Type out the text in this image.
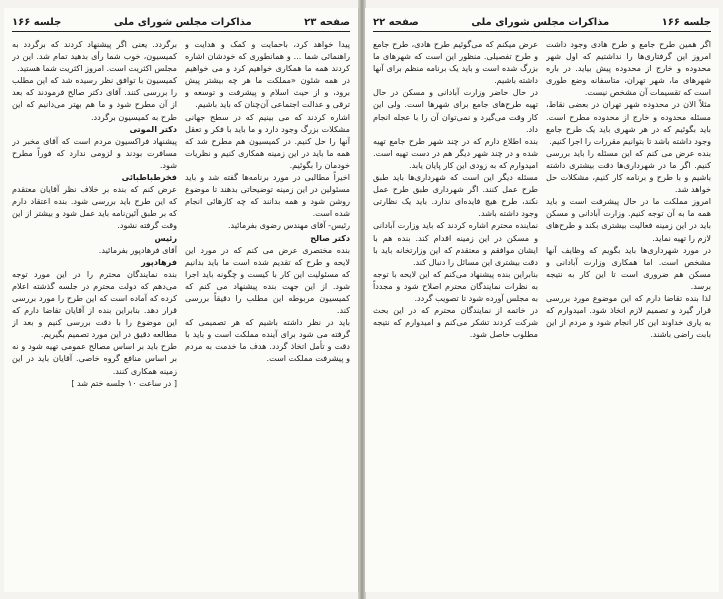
صفحه ۲۳
مذاکرات مجلس شورای ملی
جلسه ۱۶۶

پیدا خواهد کرد، باحمایت و کمک و هدایت و راهنمائی شما ... و همانطوری که خودشان اشاره کردند همه ما همکاری خواهیم کرد و می خواهیم در همه شئون «مملکت ما هر چه بیشتر پیش برود، و از حیث اسلام و پیشرفت و توسعه و ترقی و عدالت اجتماعی آن‌چنان که باید باشیم.

اشاره کردند که می بینیم که در سطح جهانی مشکلات بزرگ وجود دارد و ما باید با فکر و تعقل آنها را حل کنیم. در کمیسیون هم مطرح شد که همه ما باید در این زمینه همکاری کنیم و نظریات خودمان را بگوئیم.

اخیراً مطالبی در مورد برنامه‌ها گفته شد و باید مسئولین در این زمینه توضیحاتی بدهند تا موضوع روشن شود و همه بدانند که چه کارهائی انجام شده است.

رئیس- آقای مهندس رضوی بفرمائید.

دکتر صالح

بنده مختصری عرض می کنم که در مورد این لایحه و طرح که تقدیم شده است ما باید بدانیم که مسئولیت این کار با کیست و چگونه باید اجرا شود. از این جهت بنده پیشنهاد می کنم که کمیسیون مربوطه این مطلب را دقیقاً بررسی کند.

باید در نظر داشته باشیم که هر تصمیمی که گرفته می شود برای آینده مملکت است و باید با دقت و تأمل اتخاذ گردد. هدف ما خدمت به مردم و پیشرفت مملکت است.

برگردد. یعنی اگر پیشنهاد کردند که برگردد به کمیسیون، خوب شما رأی بدهید تمام شد. این در مجلس اکثریت است. امروز اکثریت شما هستید.

کمیسیون با توافق نظر رسیده شد که این مطلب را بررسی کنند. آقای دکتر صالح فرمودند که بعد از آن مطرح شود و ما هم بهتر می‌دانیم که این طرح به کمیسیون برگردد.

دکتر الموتی

پیشنهاد فراکسیون مردم است که آقای مخبر در مسافرت بودند و لزومی ندارد که فوراً مطرح شود.

فخرطباطبائی

عرض کنم که بنده بر خلاف نظر آقایان معتقدم که این طرح باید بررسی شود. بنده اعتقاد دارم که بر طبق آئین‌نامه باید عمل شود و بیشتر از این وقت گرفته نشود.

رئیس

آقای فرهادپور بفرمائید.

فرهادپور

بنده نمایندگان محترم را در این مورد توجه می‌دهم که دولت محترم در جلسه گذشته اعلام کرده که آماده است که این طرح را مورد بررسی قرار دهد. بنابراین بنده از آقایان تقاضا دارم که این موضوع را با دقت بررسی کنیم و بعد از مطالعه دقیق در این مورد تصمیم بگیریم.

طرح باید بر اساس مصالح عمومی تهیه شود و نه بر اساس منافع گروه خاصی. آقایان باید در این زمینه همکاری کنند.

[ در ساعت ۱۰ جلسه ختم شد ]

جلسه ۱۶۶
مذاکرات مجلس شورای ملی
صفحه ۲۲

اگر همین طرح جامع و طرح هادی وجود داشت امروز این گرفتاری‌ها را نداشتیم که اول شهر محدوده و خارج از محدوده پیش بیاید. در باره شهرهای ما، شهر تهران، متاسفانه وضع طوری است که تقسیمات آن مشخص نیست.

مثلاً الان در محدوده شهر تهران در بعضی نقاط، مسئله محدوده و خارج از محدوده مطرح است. باید بگوئیم که در هر شهری باید یک طرح جامع وجود داشته باشد تا بتوانیم مقررات را اجرا کنیم.

بنده عرض می کنم که این مسئله را باید بررسی کنیم. اگر ما در شهرداری‌ها دقت بیشتری داشته باشیم و با طرح و برنامه کار کنیم، مشکلات حل خواهد شد.

امروز مملکت ما در حال پیشرفت است و باید همه ما به آن توجه کنیم. وزارت آبادانی و مسکن باید در این زمینه فعالیت بیشتری بکند و طرح‌های لازم را تهیه نماید.

در مورد شهرداری‌ها باید بگویم که وظایف آنها مشخص است. اما همکاری وزارت آبادانی و مسکن هم ضروری است تا این کار به نتیجه برسد.

لذا بنده تقاضا دارم که این موضوع مورد بررسی قرار گیرد و تصمیم لازم اتخاذ شود. امیدوارم که به یاری خداوند این کار انجام شود و مردم از این بابت راضی باشند.

عرض میکنم که می‌گوئیم طرح هادی، طرح جامع و طرح تفصیلی. منظور این است که شهرهای ما بزرگ شده است و باید یک برنامه منظم برای آنها داشته باشیم.

در حال حاضر وزارت آبادانی و مسکن در حال تهیه طرح‌های جامع برای شهرها است. ولی این کار وقت می‌گیرد و نمی‌توان آن را با عجله انجام داد.

بنده اطلاع دارم که در چند شهر طرح جامع تهیه شده و در چند شهر دیگر هم در دست تهیه است. امیدوارم که به زودی این کار پایان یابد.

مسئله دیگر این است که شهرداری‌ها باید طبق طرح عمل کنند. اگر شهرداری طبق طرح عمل نکند، طرح هیچ فایده‌ای ندارد. باید یک نظارتی وجود داشته باشد.

نماینده محترم اشاره کردند که باید وزارت آبادانی و مسکن در این زمینه اقدام کند. بنده هم با ایشان موافقم و معتقدم که این وزارتخانه باید با دقت بیشتری این مسائل را دنبال کند.

بنابراین بنده پیشنهاد می‌کنم که این لایحه با توجه به نظرات نمایندگان محترم اصلاح شود و مجدداً به مجلس آورده شود تا تصویب گردد.

در خاتمه از نمایندگان محترم که در این بحث شرکت کردند تشکر می‌کنم و امیدوارم که نتیجه مطلوب حاصل شود.
